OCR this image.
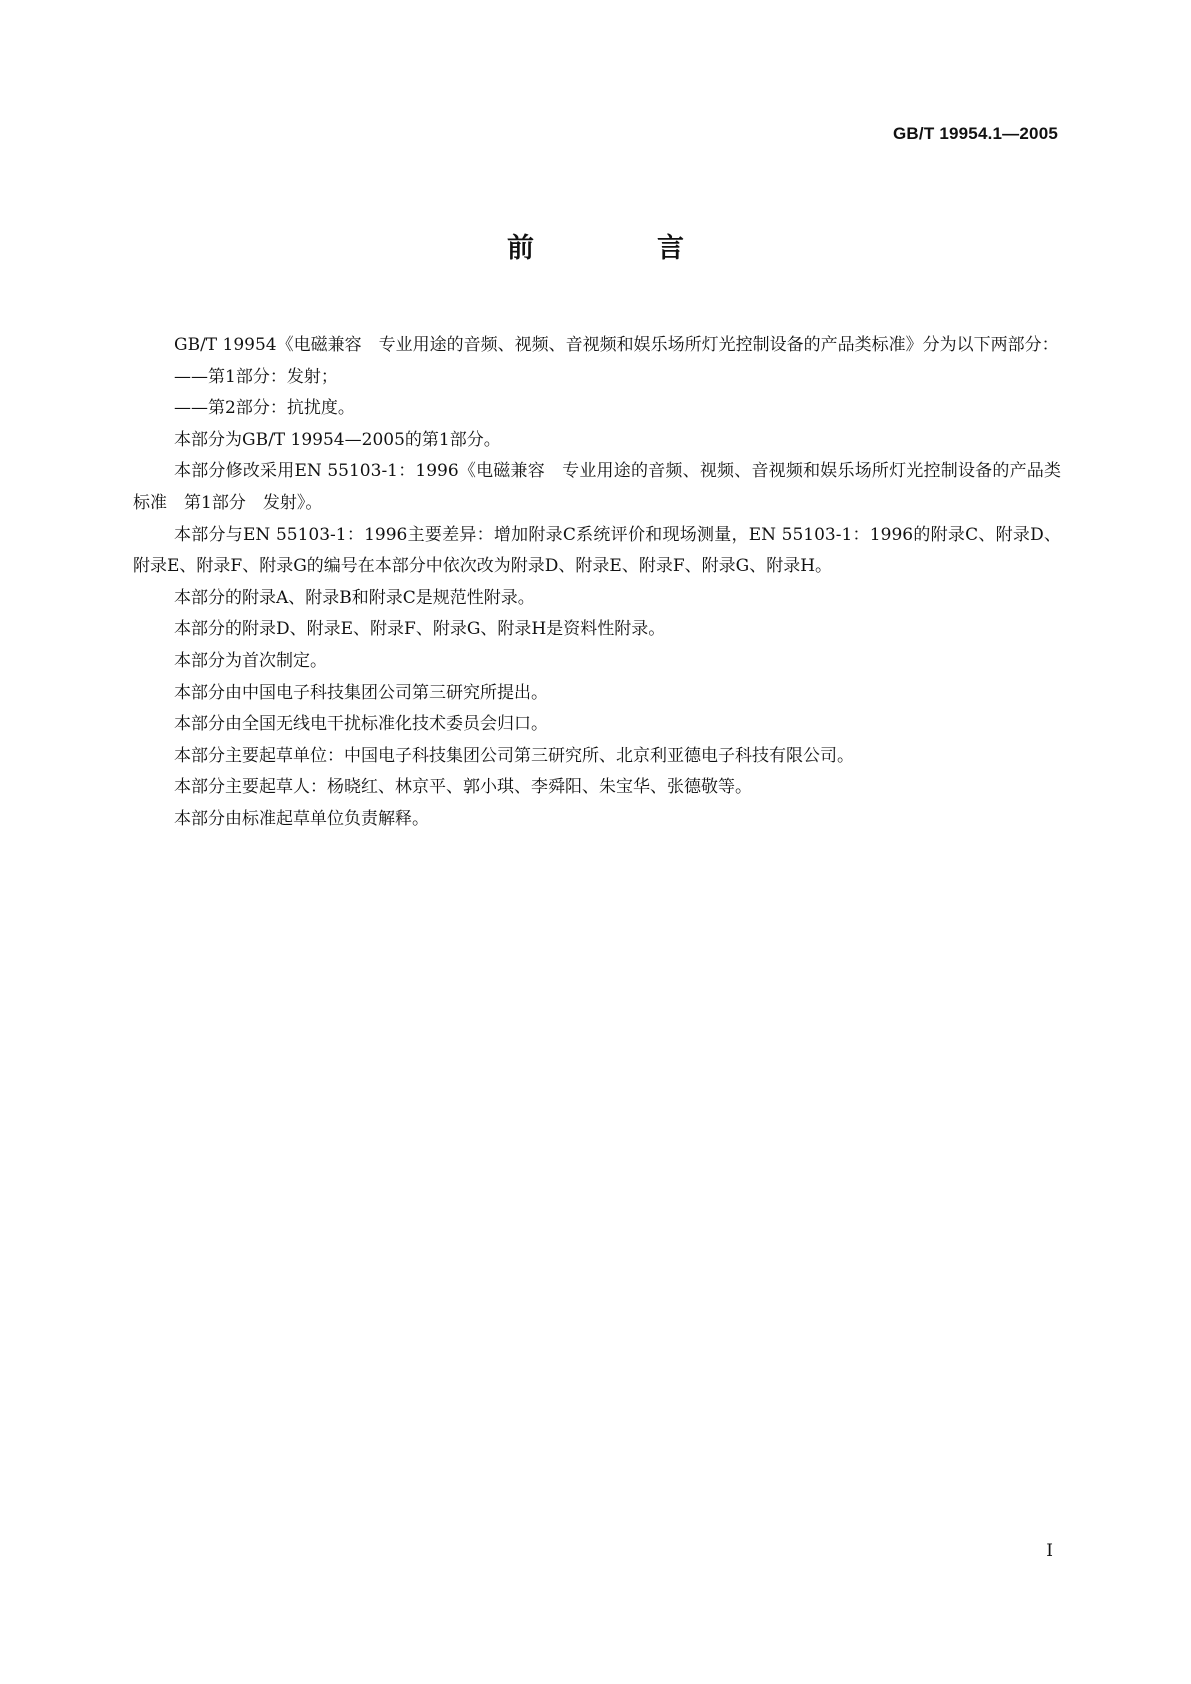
GB/T 19954.1—2005
前　言

GB/T 19954《电磁兼容　专业用途的音频、视频、音视频和娱乐场所灯光控制设备的产品类标准》分为以下两部分：

——第1部分：发射；

——第2部分：抗扰度。

本部分为GB/T 19954—2005的第1部分。

本部分修改采用EN 55103-1：1996《电磁兼容　专业用途的音频、视频、音视频和娱乐场所灯光控制设备的产品类标准　第1部分　发射》。

本部分与EN 55103-1：1996主要差异：增加附录C系统评价和现场测量，EN 55103-1：1996的附录C、附录D、附录E、附录F、附录G的编号在本部分中依次改为附录D、附录E、附录F、附录G、附录H。

本部分的附录A、附录B和附录C是规范性附录。

本部分的附录D、附录E、附录F、附录G、附录H是资料性附录。

本部分为首次制定。

本部分由中国电子科技集团公司第三研究所提出。

本部分由全国无线电干扰标准化技术委员会归口。

本部分主要起草单位：中国电子科技集团公司第三研究所、北京利亚德电子科技有限公司。

本部分主要起草人：杨晓红、林京平、郭小琪、李舜阳、朱宝华、张德敬等。

本部分由标准起草单位负责解释。

I
